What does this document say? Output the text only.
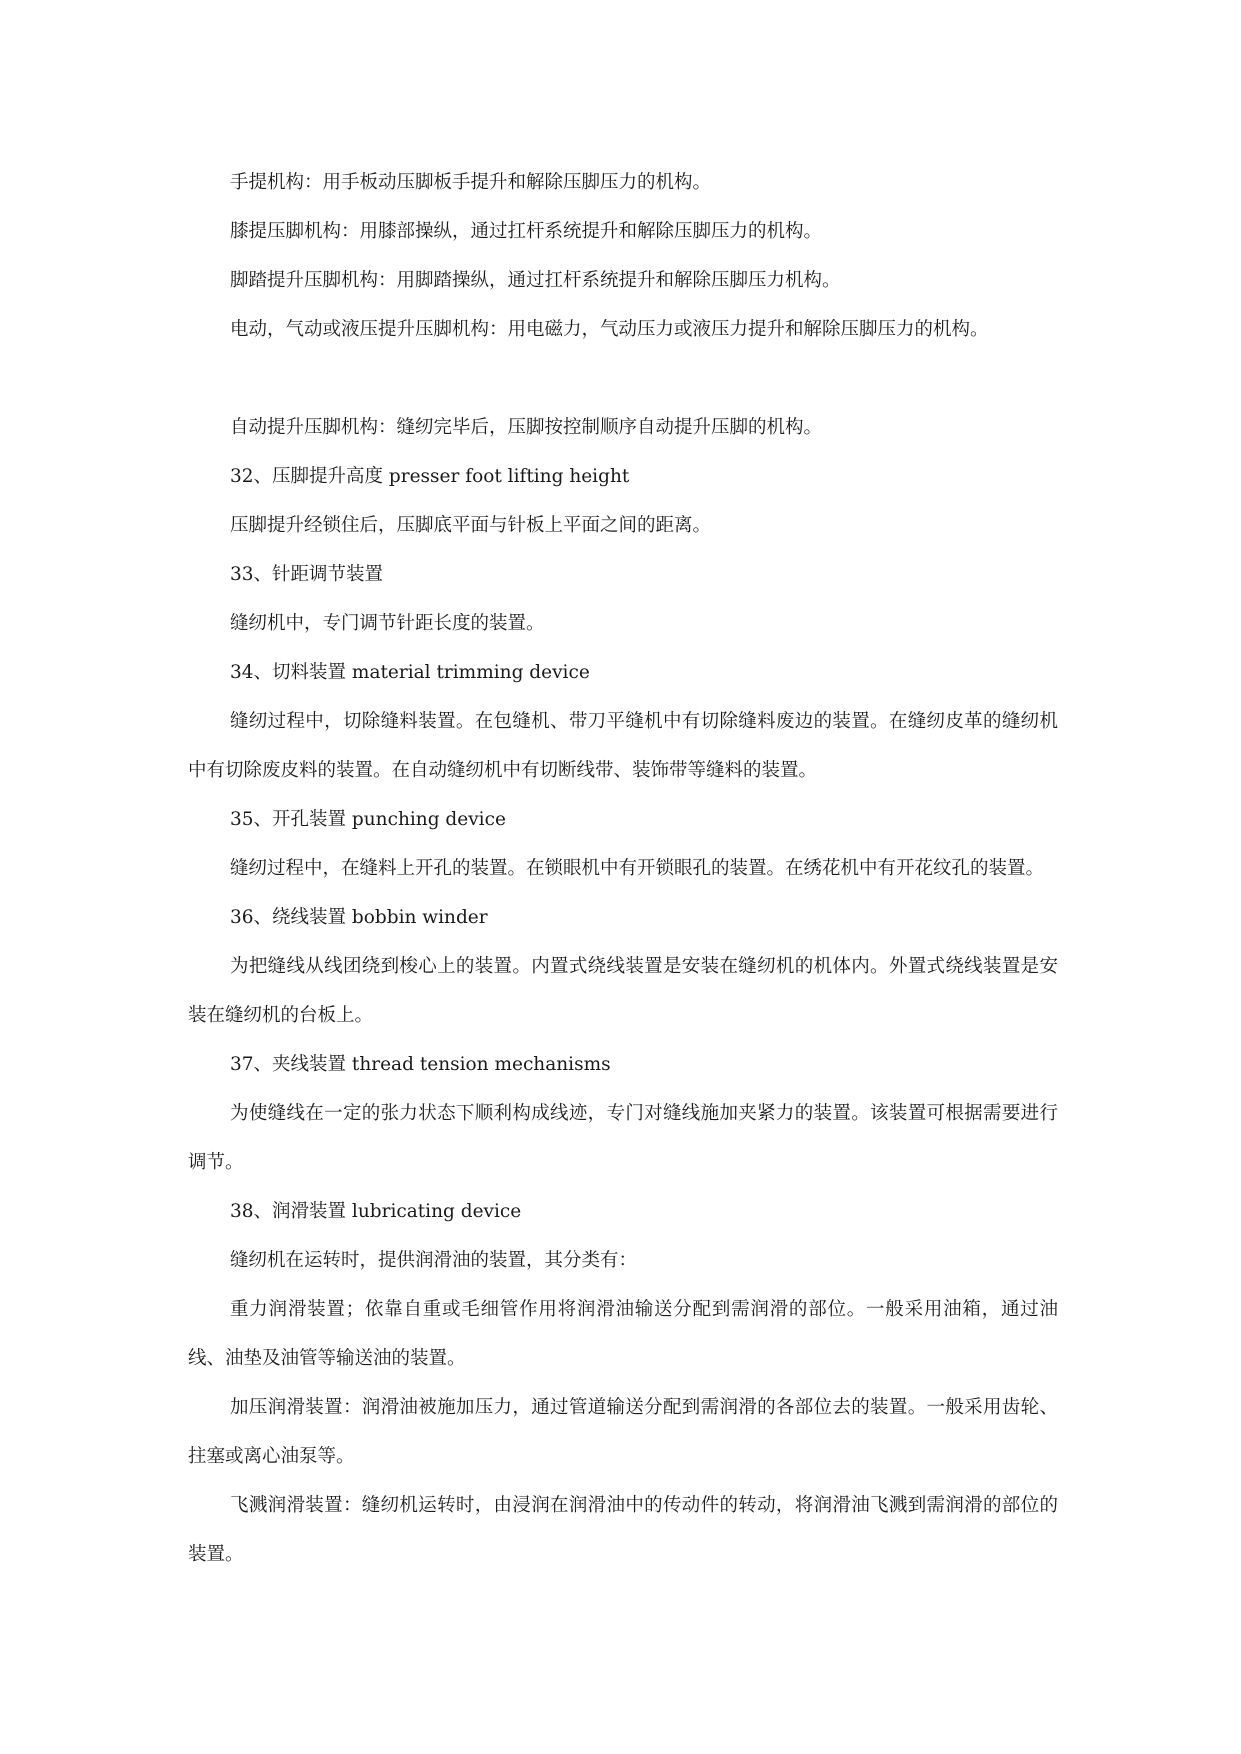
手提机构：用手板动压脚板手提升和解除压脚压力的机构。

膝提压脚机构：用膝部操纵，通过扛杆系统提升和解除压脚压力的机构。

脚踏提升压脚机构：用脚踏操纵，通过扛杆系统提升和解除压脚压力机构。

电动，气动或液压提升压脚机构：用电磁力，气动压力或液压力提升和解除压脚压力的机构。

自动提升压脚机构：缝纫完毕后，压脚按控制顺序自动提升压脚的机构。

32、压脚提升高度 presser foot lifting height

压脚提升经锁住后，压脚底平面与针板上平面之间的距离。

33、针距调节装置

缝纫机中，专门调节针距长度的装置。

34、切料装置 material trimming device

缝纫过程中，切除缝料装置。在包缝机、带刀平缝机中有切除缝料废边的装置。在缝纫皮革的缝纫机中有切除废皮料的装置。在自动缝纫机中有切断线带、装饰带等缝料的装置。

35、开孔装置 punching device

缝纫过程中，在缝料上开孔的装置。在锁眼机中有开锁眼孔的装置。在绣花机中有开花纹孔的装置。

36、绕线装置 bobbin winder

为把缝线从线团绕到梭心上的装置。内置式绕线装置是安装在缝纫机的机体内。外置式绕线装置是安装在缝纫机的台板上。

37、夹线装置 thread tension mechanisms

为使缝线在一定的张力状态下顺利构成线迹，专门对缝线施加夹紧力的装置。该装置可根据需要进行调节。

38、润滑装置 lubricating device

缝纫机在运转时，提供润滑油的装置，其分类有：

重力润滑装置；依靠自重或毛细管作用将润滑油输送分配到需润滑的部位。一般采用油箱，通过油线、油垫及油管等输送油的装置。

加压润滑装置：润滑油被施加压力，通过管道输送分配到需润滑的各部位去的装置。一般采用齿轮、拄塞或离心油泵等。

飞溅润滑装置：缝纫机运转时，由浸润在润滑油中的传动件的转动，将润滑油飞溅到需润滑的部位的装置。
